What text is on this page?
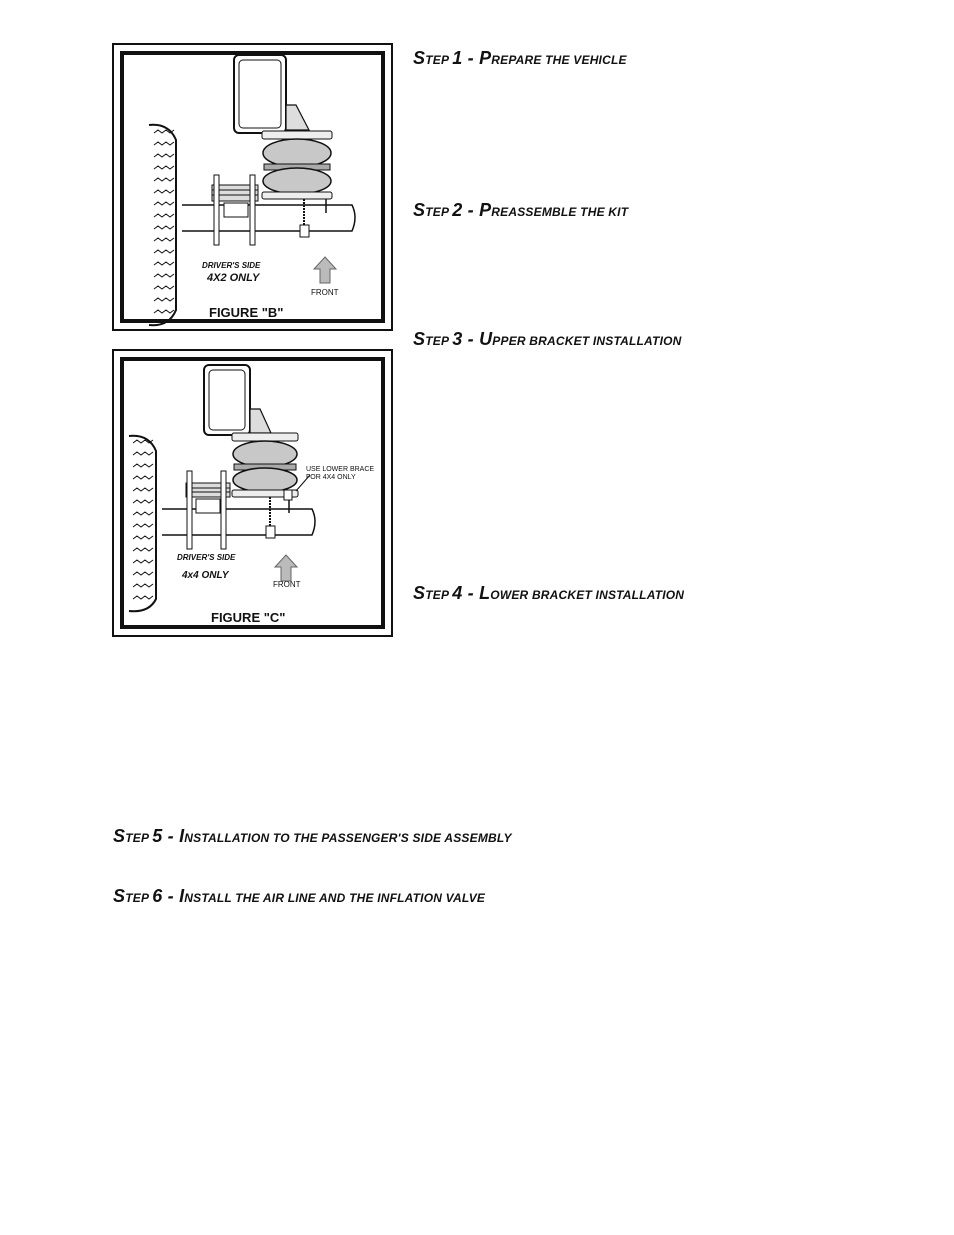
DRIVER'S SIDE
4X2 ONLY
FRONT
FIGURE "B"
USE LOWER BRACE
FOR 4X4 ONLY
DRIVER'S SIDE
4x4 ONLY
FRONT
FIGURE "C"
STEP 1 - PREPARE THE VEHICLE
STEP 2 - PREASSEMBLE THE KIT
STEP 3 - UPPER BRACKET INSTALLATION
STEP 4 - LOWER BRACKET INSTALLATION
STEP 5 - INSTALLATION TO THE PASSENGER'S SIDE ASSEMBLY
STEP 6 - INSTALL THE AIR LINE AND THE INFLATION VALVE
